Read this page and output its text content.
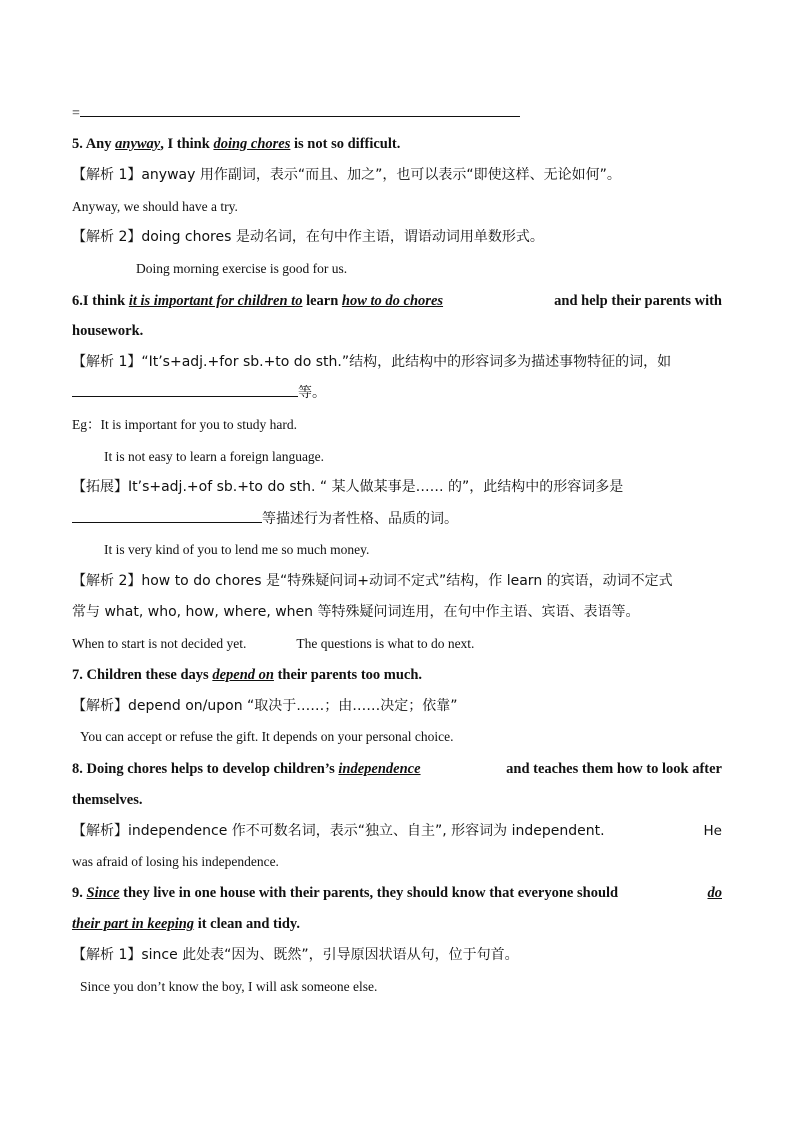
=
5. Any anyway, I think doing chores is not so difficult.
【解析 1】anyway 用作副词，表示“而且、加之”，也可以表示“即使这样、无论如何”。
Anyway, we should have a try.
【解析 2】doing chores 是动名词，在句中作主语，谓语动词用单数形式。
Doing morning exercise is good for us.
6.I think it is important for children to learn how to do chores	and help their parents with
housework.
【解析 1】“It’s+adj.+for sb.+to do sth.”结构，此结构中的形容词多为描述事物特征的词，如
等。
Eg：It is important for you to study hard.
It is not easy to learn a foreign language.
【拓展】It’s+adj.+of sb.+to do sth. “ 某人做某事是…… 的”，此结构中的形容词多是
等描述行为者性格、品质的词。
It is very kind of you to lend me so much money.
【解析 2】how to do chores 是“特殊疑问词+动词不定式”结构，作 learn 的宾语，动词不定式
常与 what, who, how, where, when 等特殊疑问词连用，在句中作主语、宾语、表语等。
When to start is not decided yet.	The questions is what to do next.
7. Children these days depend on their parents too much.
【解析】depend on/upon “取决于……；由……决定；依靠”
You can accept or refuse the gift. It depends on your personal choice.
8. Doing chores helps to develop children’s independence	and teaches them how to look after
themselves.
【解析】independence 作不可数名词，表示“独立、自主”, 形容词为 independent.	He
was afraid of losing his independence.
9. Since they live in one house with their parents, they should know that everyone should	do
their part in keeping it clean and tidy.
【解析 1】since 此处表“因为、既然”，引导原因状语从句，位于句首。
Since you don’t know the boy, I will ask someone else.
